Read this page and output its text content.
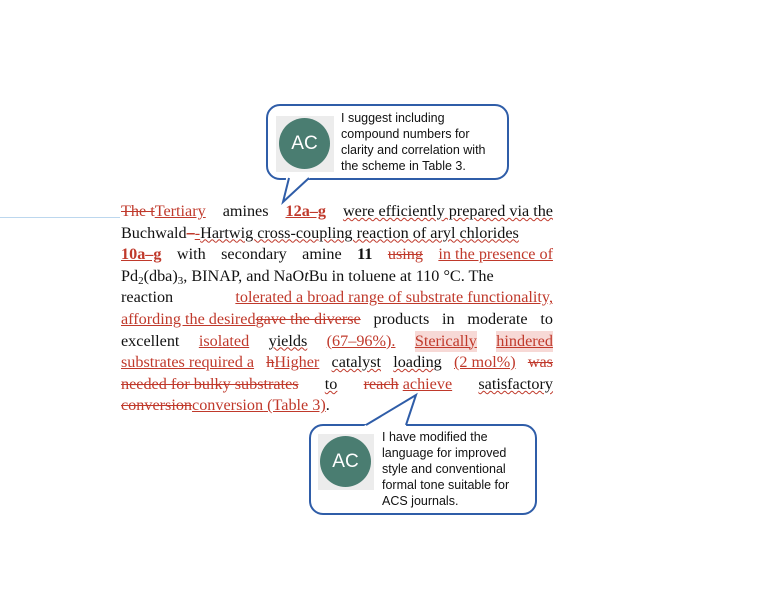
AC
I suggest including compound numbers for clarity and correlation with the scheme in Table 3.
AC
I have modified the language for improved style and conventional formal tone suitable for ACS journals.
The tTertiary amines 12a–g were efficiently prepared via the
Buchwald–-Hartwig cross-coupling reaction of aryl chlorides
10a–g with secondary amine 11 using in the presence of
$Pd_2(dba)_3$, BINAP, and NaOtBu in toluene at 110 °C. The
reaction	tolerated a broad range of substrate functionality,
affording the desiredgave the diverse products in moderate to
excellent isolated yields (67–96%). Sterically hindered
substrates required a hHigher catalyst loading (2 mol%) was
needed for bulky substrates to reach achieve satisfactory
conversionconversion (Table 3).
